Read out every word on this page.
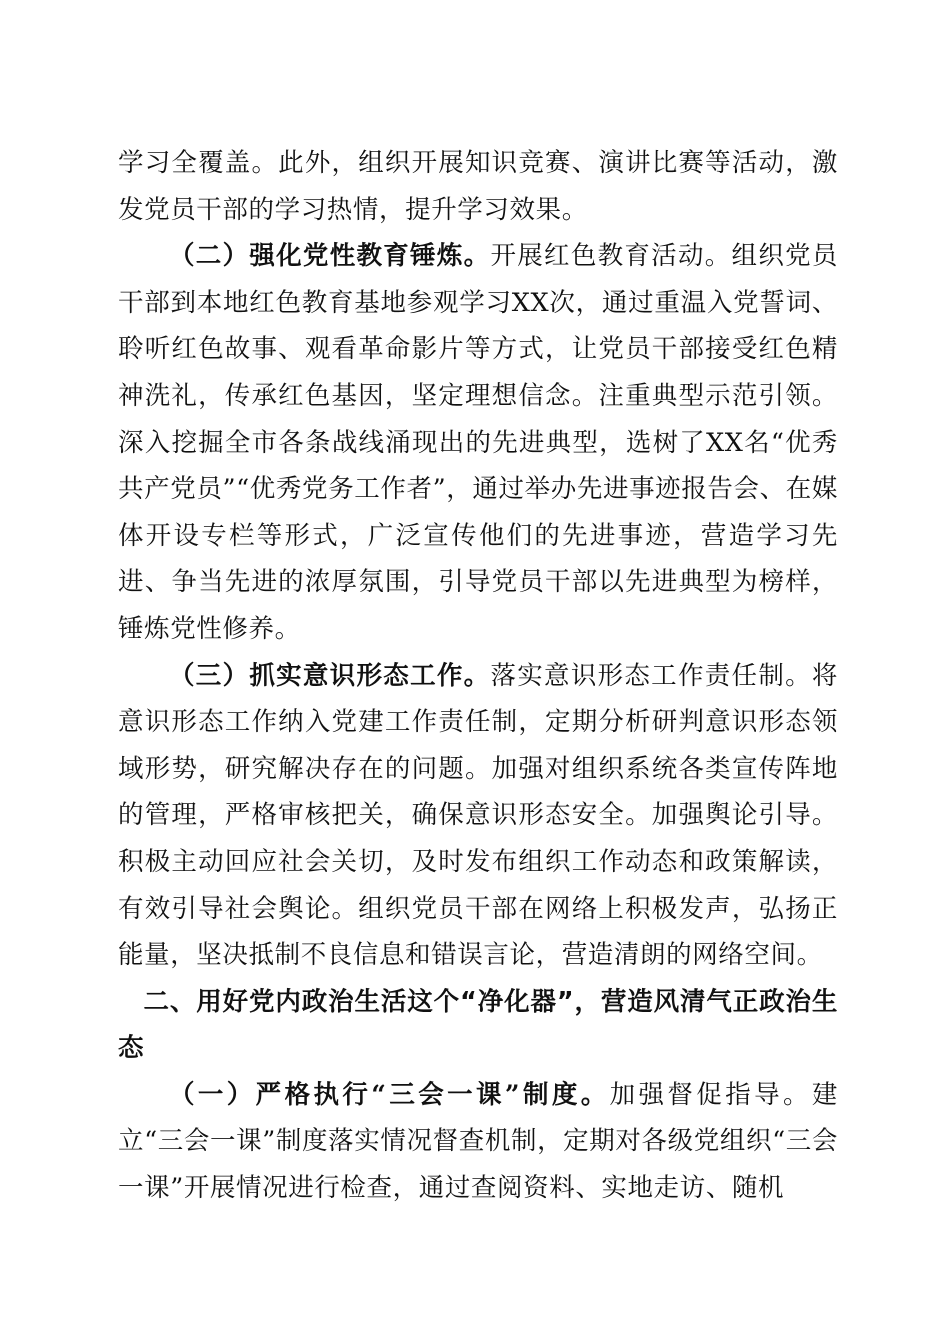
学习全覆盖。此外，组织开展知识竞赛、演讲比赛等活动，激发党员干部的学习热情，提升学习效果。

（二）强化党性教育锤炼。开展红色教育活动。组织党员干部到本地红色教育基地参观学习XX次，通过重温入党誓词、聆听红色故事、观看革命影片等方式，让党员干部接受红色精神洗礼，传承红色基因，坚定理想信念。注重典型示范引领。深入挖掘全市各条战线涌现出的先进典型，选树了XX名“优秀共产党员”“优秀党务工作者”，通过举办先进事迹报告会、在媒体开设专栏等形式，广泛宣传他们的先进事迹，营造学习先进、争当先进的浓厚氛围，引导党员干部以先进典型为榜样，锤炼党性修养。

（三）抓实意识形态工作。落实意识形态工作责任制。将意识形态工作纳入党建工作责任制，定期分析研判意识形态领域形势，研究解决存在的问题。加强对组织系统各类宣传阵地的管理，严格审核把关，确保意识形态安全。加强舆论引导。积极主动回应社会关切，及时发布组织工作动态和政策解读，有效引导社会舆论。组织党员干部在网络上积极发声，弘扬正能量，坚决抵制不良信息和错误言论，营造清朗的网络空间。

二、用好党内政治生活这个“净化器”，营造风清气正政治生态

（一）严格执行“三会一课”制度。加强督促指导。建立“三会一课”制度落实情况督查机制，定期对各级党组织“三会一课”开展情况进行检查，通过查阅资料、实地走访、随机
